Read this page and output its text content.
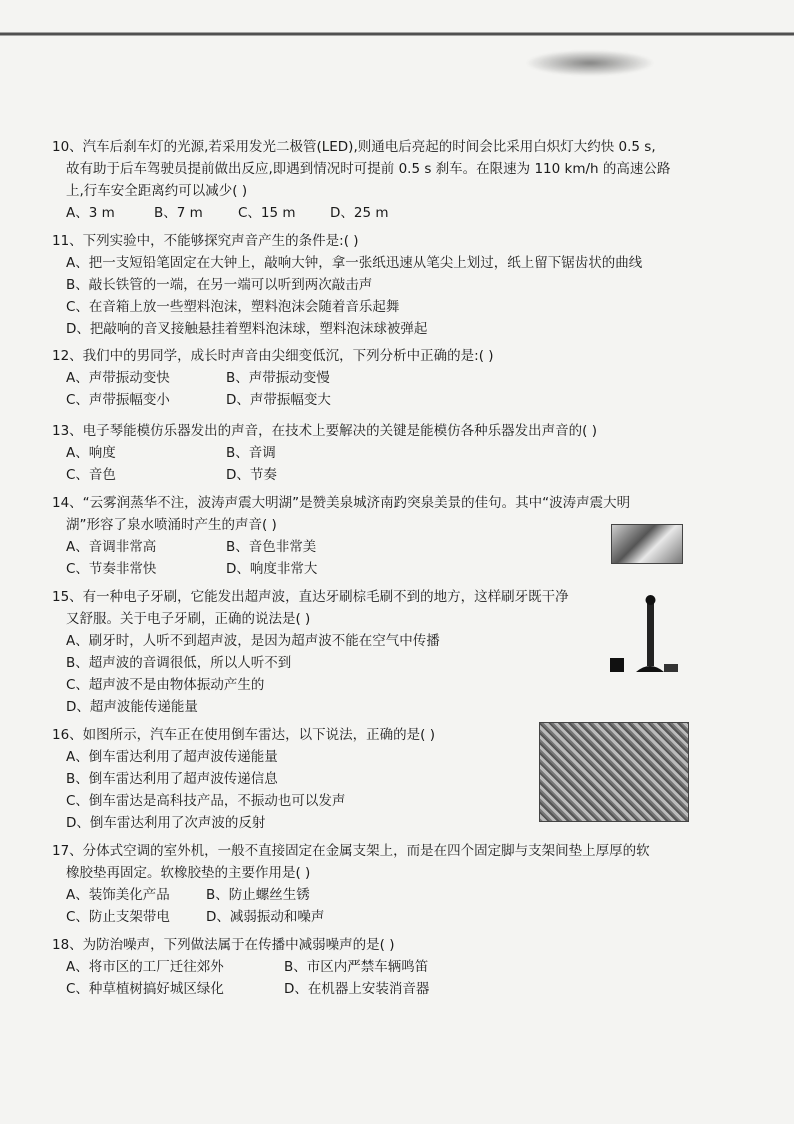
10、汽车后刹车灯的光源,若采用发光二极管(LED),则通电后亮起的时间会比采用白炽灯大约快 0.5 s,
故有助于后车驾驶员提前做出反应,即遇到情况时可提前 0.5 s 刹车。在限速为 110 km/h 的高速公路
上,行车安全距离约可以减少( )
A、3 m	B、7 m	C、15 m	D、25 m
11、下列实验中，不能够探究声音产生的条件是:( )
A、把一支短铅笔固定在大钟上，敲响大钟，拿一张纸迅速从笔尖上划过，纸上留下锯齿状的曲线
B、敲长铁管的一端，在另一端可以听到两次敲击声
C、在音箱上放一些塑料泡沫，塑料泡沫会随着音乐起舞
D、把敲响的音叉接触悬挂着塑料泡沫球，塑料泡沫球被弹起
12、我们中的男同学，成长时声音由尖细变低沉，下列分析中正确的是:( )
A、声带振动变快	B、声带振动变慢
C、声带振幅变小	D、声带振幅变大
13、电子琴能模仿乐器发出的声音，在技术上要解决的关键是能模仿各种乐器发出声音的( )
A、响度	B、音调
C、音色	D、节奏
14、“云雾润蒸华不注，波涛声震大明湖”是赞美泉城济南趵突泉美景的佳句。其中“波涛声震大明
湖”形容了泉水喷涌时产生的声音( )
A、音调非常高	B、音色非常美
C、节奏非常快	D、响度非常大
15、有一种电子牙刷，它能发出超声波，直达牙刷棕毛刷不到的地方，这样刷牙既干净
又舒服。关于电子牙刷，正确的说法是( )
A、刷牙时，人听不到超声波，是因为超声波不能在空气中传播
B、超声波的音调很低，所以人听不到
C、超声波不是由物体振动产生的
D、超声波能传递能量
16、如图所示，汽车正在使用倒车雷达，以下说法，正确的是( )
A、倒车雷达利用了超声波传递能量
B、倒车雷达利用了超声波传递信息
C、倒车雷达是高科技产品，不振动也可以发声
D、倒车雷达利用了次声波的反射
17、分体式空调的室外机，一般不直接固定在金属支架上，而是在四个固定脚与支架间垫上厚厚的软
橡胶垫再固定。软橡胶垫的主要作用是( )
A、装饰美化产品	B、防止螺丝生锈
C、防止支架带电	D、减弱振动和噪声
18、为防治噪声，下列做法属于在传播中减弱噪声的是( )
A、将市区的工厂迁往郊外	B、市区内严禁车辆鸣笛
C、种草植树搞好城区绿化	D、在机器上安装消音器
